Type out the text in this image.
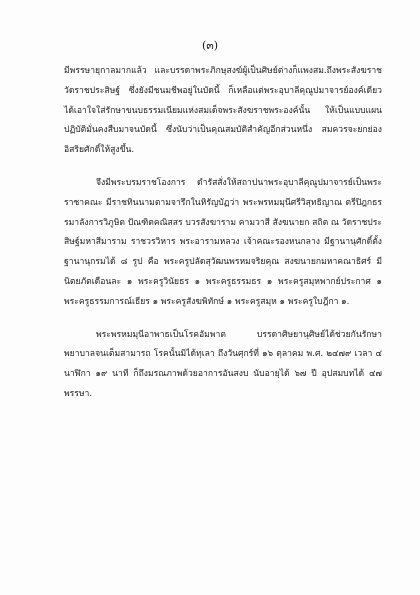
(๓)

มีพรรษายุกาลมากแล้ว และบรรดาพระภิกษุสงฆ์ผู้เป็นศิษย์ต่างก็แพงสม.ถึงพระสังฆราชวัดราชประสิษฐ์ ซึ่งยังมีชนมชีพอยู่ในบัดนี้ ก็เหลือแต่พระอุบาลีคุณูปมาจารย์องค์เดียว ได้เอาใจใส่รักษาขนบธรรมเนียมแห่งสมเด็จพระสังฆราชพระองค์นั้น ให้เป็นแบบแผนปฏิบัติมั่นคงสืบมาจนบัดนี้ ซึ่งนับว่าเป็นคุณสมบัติสำคัญอีกส่วนหนึ่ง สมควรจะยกย่องอิสริยศักดิ์ให้สูงขึ้น.

จึงมีพระบรมราชโองการ ดำรัสสั่งให้สถาปนาพระอุบาลีคุณูปมาจารย์เป็นพระราชาคณะ มีราชทินนามตามจารึกในหิรัญบัฏว่า พระพรหมมุนีศรีวิสุทธิญาณ ตรีปิฎกธรรมาลังการวิภูษิต ปัณฑิตคณิสสร บวรสังฆาราม คามวาสี สังฆนายก สถิต ณ วัดราชประสิษฐ์มหาสีมาราม ราชวรวิหาร พระอารามหลวง เจ้าคณะรองหนกลาง มีฐานานุศักดิ์ตั้งฐานานุกรมได้ ๘ รูป คือ พระครูปลัดสุวัฒนพรหมจริยคุณ สงฆนายกมหาคณาธิศร์ มีนิตยภัตเดือนละ ๑ พระครูวินัยธร ๑ พระครูธรรมธร ๑ พระครูสมุหพากย์ประกาศ ๑ พระครูธรรมการณ์เธียร ๑ พระครูสังฆพิทักษ์ ๑ พระครูสมุห ๑ พระครูใบฎีกา ๑.

พระพรหมมุนีอาพาธเป็นโรคอัมพาต บรรดาศิษยานุศิษย์ได้ช่วยกันรักษาพยาบาลจนเต็มสามารถ โรคนั้นมิได้ทุเลา ถึงวันศุกร์ที่ ๑๖ ตุลาคม พ.ศ. ๒๔๗๙ เวลา ๔ นาฬิกา ๑๙ นาที ก็ถึงมรณภาพด้วยอาการอันสงบ นับอายุได้ ๖๗ ปี อุปสมบทได้ ๔๗ พรรษา.
